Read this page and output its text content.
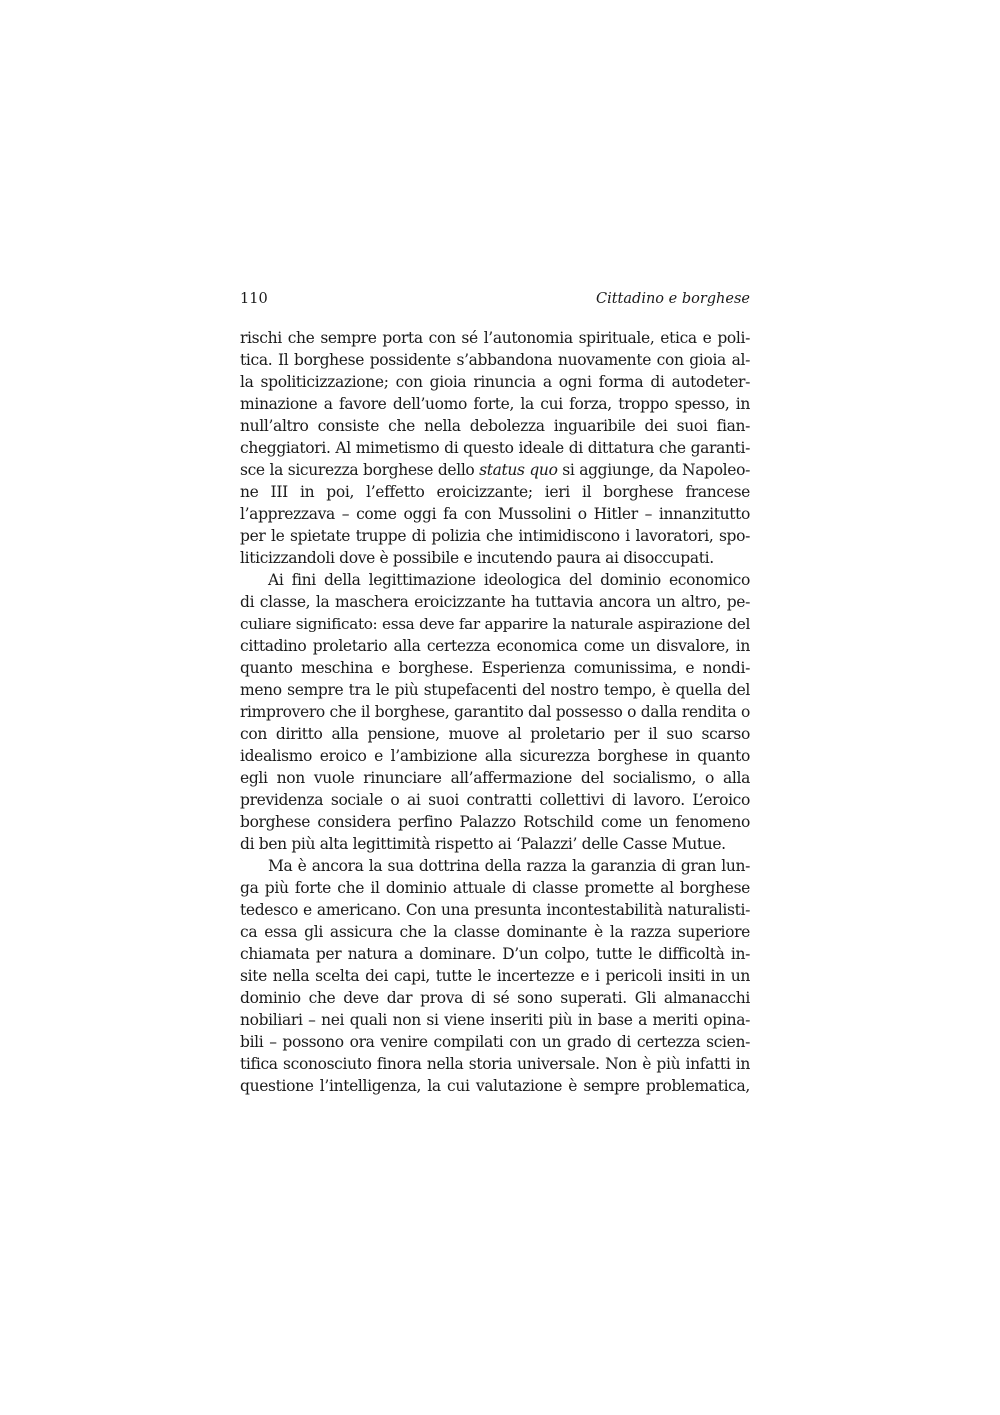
110	Cittadino e borghese
rischi che sempre porta con sé l’autonomia spirituale, etica e poli-
tica. Il borghese possidente s’abbandona nuovamente con gioia al-
la spoliticizzazione; con gioia rinuncia a ogni forma di autodeter-
minazione a favore dell’uomo forte, la cui forza, troppo spesso, in
null’altro consiste che nella debolezza inguaribile dei suoi fian-
cheggiatori. Al mimetismo di questo ideale di dittatura che garanti-
sce la sicurezza borghese dello status quo si aggiunge, da Napoleo-
ne III in poi, l’effetto eroicizzante; ieri il borghese francese
l’apprezzava – come oggi fa con Mussolini o Hitler – innanzitutto
per le spietate truppe di polizia che intimidiscono i lavoratori, spo-
liticizzandoli dove è possibile e incutendo paura ai disoccupati.
Ai fini della legittimazione ideologica del dominio economico
di classe, la maschera eroicizzante ha tuttavia ancora un altro, pe-
culiare significato: essa deve far apparire la naturale aspirazione del
cittadino proletario alla certezza economica come un disvalore, in
quanto meschina e borghese. Esperienza comunissima, e nondi-
meno sempre tra le più stupefacenti del nostro tempo, è quella del
rimprovero che il borghese, garantito dal possesso o dalla rendita o
con diritto alla pensione, muove al proletario per il suo scarso
idealismo eroico e l’ambizione alla sicurezza borghese in quanto
egli non vuole rinunciare all’affermazione del socialismo, o alla
previdenza sociale o ai suoi contratti collettivi di lavoro. L’eroico
borghese considera perfino Palazzo Rotschild come un fenomeno
di ben più alta legittimità rispetto ai ‘Palazzi’ delle Casse Mutue.
Ma è ancora la sua dottrina della razza la garanzia di gran lun-
ga più forte che il dominio attuale di classe promette al borghese
tedesco e americano. Con una presunta incontestabilità naturalisti-
ca essa gli assicura che la classe dominante è la razza superiore
chiamata per natura a dominare. D’un colpo, tutte le difficoltà in-
site nella scelta dei capi, tutte le incertezze e i pericoli insiti in un
dominio che deve dar prova di sé sono superati. Gli almanacchi
nobiliari – nei quali non si viene inseriti più in base a meriti opina-
bili – possono ora venire compilati con un grado di certezza scien-
tifica sconosciuto finora nella storia universale. Non è più infatti in
questione l’intelligenza, la cui valutazione è sempre problematica,
